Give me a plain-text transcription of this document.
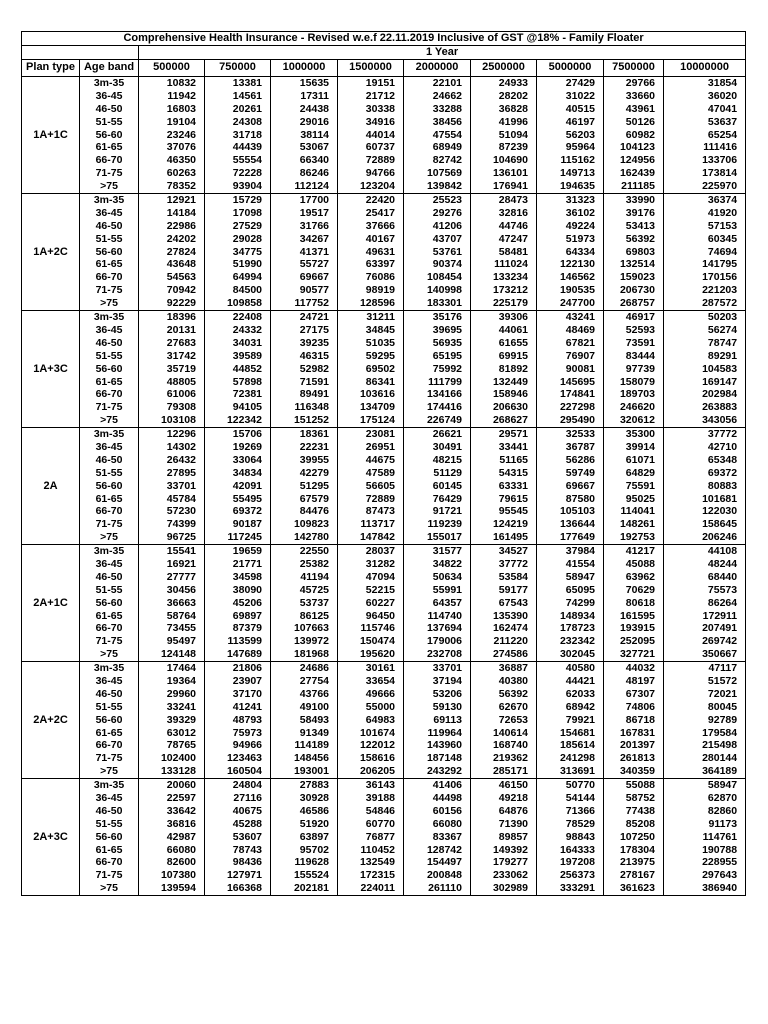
Comprehensive Health Insurance - Revised w.e.f 22.11.2019 Inclusive of GST @18% - Family Floater										
		1 Year								
Plan type	Age band	500000	750000	1000000	1500000	2000000	2500000	5000000	7500000	10000000
1A+1C	3m-35	10832	13381	15635	19151	22101	24933	27429	29766	31854
	36-45	11942	14561	17311	21712	24662	28202	31022	33660	36020
	46-50	16803	20261	24438	30338	33288	36828	40515	43961	47041
	51-55	19104	24308	29016	34916	38456	41996	46197	50126	53637
	56-60	23246	31718	38114	44014	47554	51094	56203	60982	65254
	61-65	37076	44439	53067	60737	68949	87239	95964	104123	111416
	66-70	46350	55554	66340	72889	82742	104690	115162	124956	133706
	71-75	60263	72228	86246	94766	107569	136101	149713	162439	173814
	>75	78352	93904	112124	123204	139842	176941	194635	211185	225970
1A+2C	3m-35	12921	15729	17700	22420	25523	28473	31323	33990	36374
	36-45	14184	17098	19517	25417	29276	32816	36102	39176	41920
	46-50	22986	27529	31766	37666	41206	44746	49224	53413	57153
	51-55	24202	29028	34267	40167	43707	47247	51973	56392	60345
	56-60	27824	34775	41371	49631	53761	58481	64334	69803	74694
	61-65	43648	51990	55727	63397	90374	111024	122130	132514	141795
	66-70	54563	64994	69667	76086	108454	133234	146562	159023	170156
	71-75	70942	84500	90577	98919	140998	173212	190535	206730	221203
	>75	92229	109858	117752	128596	183301	225179	247700	268757	287572
1A+3C	3m-35	18396	22408	24721	31211	35176	39306	43241	46917	50203
	36-45	20131	24332	27175	34845	39695	44061	48469	52593	56274
	46-50	27683	34031	39235	51035	56935	61655	67821	73591	78747
	51-55	31742	39589	46315	59295	65195	69915	76907	83444	89291
	56-60	35719	44852	52982	69502	75992	81892	90081	97739	104583
	61-65	48805	57898	71591	86341	111799	132449	145695	158079	169147
	66-70	61006	72381	89491	103616	134166	158946	174841	189703	202984
	71-75	79308	94105	116348	134709	174416	206630	227298	246620	263883
	>75	103108	122342	151252	175124	226749	268627	295490	320612	343056
2A	3m-35	12296	15706	18361	23081	26621	29571	32533	35300	37772
	36-45	14302	19269	22231	26951	30491	33441	36787	39914	42710
	46-50	26432	33064	39955	44675	48215	51165	56286	61071	65348
	51-55	27895	34834	42279	47589	51129	54315	59749	64829	69372
	56-60	33701	42091	51295	56605	60145	63331	69667	75591	80883
	61-65	45784	55495	67579	72889	76429	79615	87580	95025	101681
	66-70	57230	69372	84476	87473	91721	95545	105103	114041	122030
	71-75	74399	90187	109823	113717	119239	124219	136644	148261	158645
	>75	96725	117245	142780	147842	155017	161495	177649	192753	206246
2A+1C	3m-35	15541	19659	22550	28037	31577	34527	37984	41217	44108
	36-45	16921	21771	25382	31282	34822	37772	41554	45088	48244
	46-50	27777	34598	41194	47094	50634	53584	58947	63962	68440
	51-55	30456	38090	45725	52215	55991	59177	65095	70629	75573
	56-60	36663	45206	53737	60227	64357	67543	74299	80618	86264
	61-65	58764	69897	86125	96450	114740	135390	148934	161595	172911
	66-70	73455	87379	107663	115746	137694	162474	178723	193915	207491
	71-75	95497	113599	139972	150474	179006	211220	232342	252095	269742
	>75	124148	147689	181968	195620	232708	274586	302045	327721	350667
2A+2C	3m-35	17464	21806	24686	30161	33701	36887	40580	44032	47117
	36-45	19364	23907	27754	33654	37194	40380	44421	48197	51572
	46-50	29960	37170	43766	49666	53206	56392	62033	67307	72021
	51-55	33241	41241	49100	55000	59130	62670	68942	74806	80045
	56-60	39329	48793	58493	64983	69113	72653	79921	86718	92789
	61-65	63012	75973	91349	101674	119964	140614	154681	167831	179584
	66-70	78765	94966	114189	122012	143960	168740	185614	201397	215498
	71-75	102400	123463	148456	158616	187148	219362	241298	261813	280144
	>75	133128	160504	193001	206205	243292	285171	313691	340359	364189
2A+3C	3m-35	20060	24804	27883	36143	41406	46150	50770	55088	58947
	36-45	22597	27116	30928	39188	44498	49218	54144	58752	62870
	46-50	33642	40675	46586	54846	60156	64876	71366	77438	82860
	51-55	36816	45288	51920	60770	66080	71390	78529	85208	91173
	56-60	42987	53607	63897	76877	83367	89857	98843	107250	114761
	61-65	66080	78743	95702	110452	128742	149392	164333	178304	190788
	66-70	82600	98436	119628	132549	154497	179277	197208	213975	228955
	71-75	107380	127971	155524	172315	200848	233062	256373	278167	297643
	>75	139594	166368	202181	224011	261110	302989	333291	361623	386940
